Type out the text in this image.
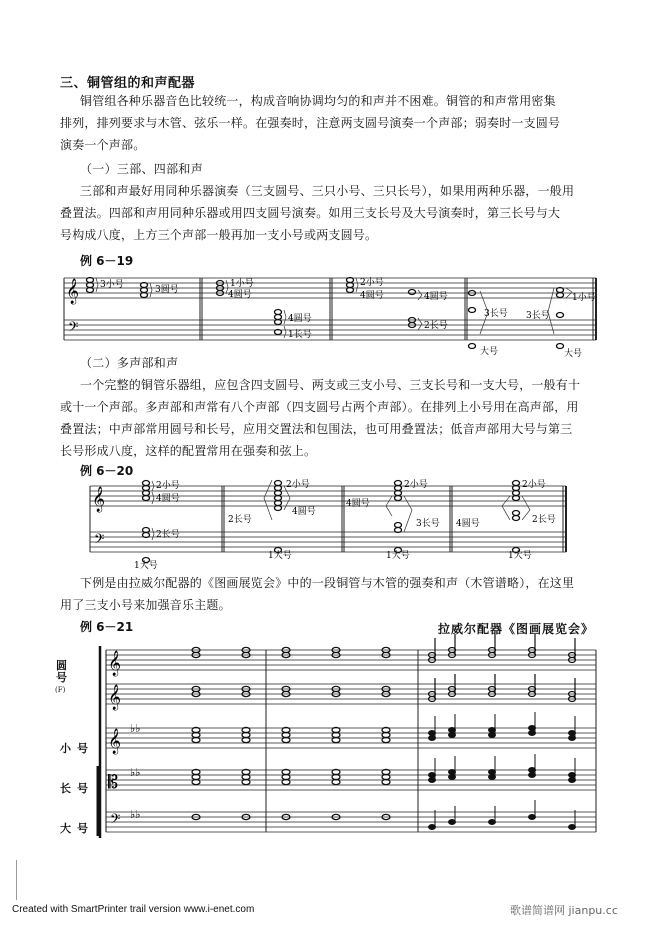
三、铜管组的和声配器
铜管组各种乐器音色比较统一，构成音响协调均匀的和声并不困难。铜管的和声常用密集
排列，排列要求与木管、弦乐一样。在强奏时，注意两支圆号演奏一个声部；弱奏时一支圆号
演奏一个声部。
（一）三部、四部和声
三部和声最好用同种乐器演奏（三支圆号、三只小号、三只长号），如果用两种乐器，一般用
叠置法。四部和声用同种乐器或用四支圆号演奏。如用三支长号及大号演奏时，第三长号与大
号构成八度，上方三个声部一般再加一支小号或两支圆号。
例 6－19
𝄞
𝄢
3小号	3圆号
1小号
4圆号
4圆号
1长号
2小号
4圆号	4圆号
2长号
3长号 3长号
1小号
大号	大号
（二）多声部和声
一个完整的铜管乐器组，应包含四支圆号、两支或三支小号、三支长号和一支大号，一般有十
或十一个声部。多声部和声常有八个声部（四支圆号占两个声部）。在排列上小号用在高声部，用
叠置法；中声部常用圆号和长号，应用交置法和包围法，也可用叠置法；低音声部用大号与第三
长号形成八度，这样的配置常用在强奏和弦上。
例 6－20
𝄞
𝄢
2小号
4圆号
2长号
1大号
2小号
2长号
4圆号
1大号
2小号
4圆号
3长号
1大号
2小号
4圆号	2长号
1大号
下例是由拉威尔配器的《图画展览会》中的一段铜管与木管的强奏和声（木管谱略），在这里
用了三支小号来加强音乐主题。
例 6－21	拉威尔配器《图画展览会》
圆号
(F)
小号
长号
大号
𝄞
𝄞
𝄞
𝄡
𝄢
♭♭
♭♭
♭♭
Created with SmartPrinter trail version www.i-enet.com	歌谱简谱网 jianpu.cc
